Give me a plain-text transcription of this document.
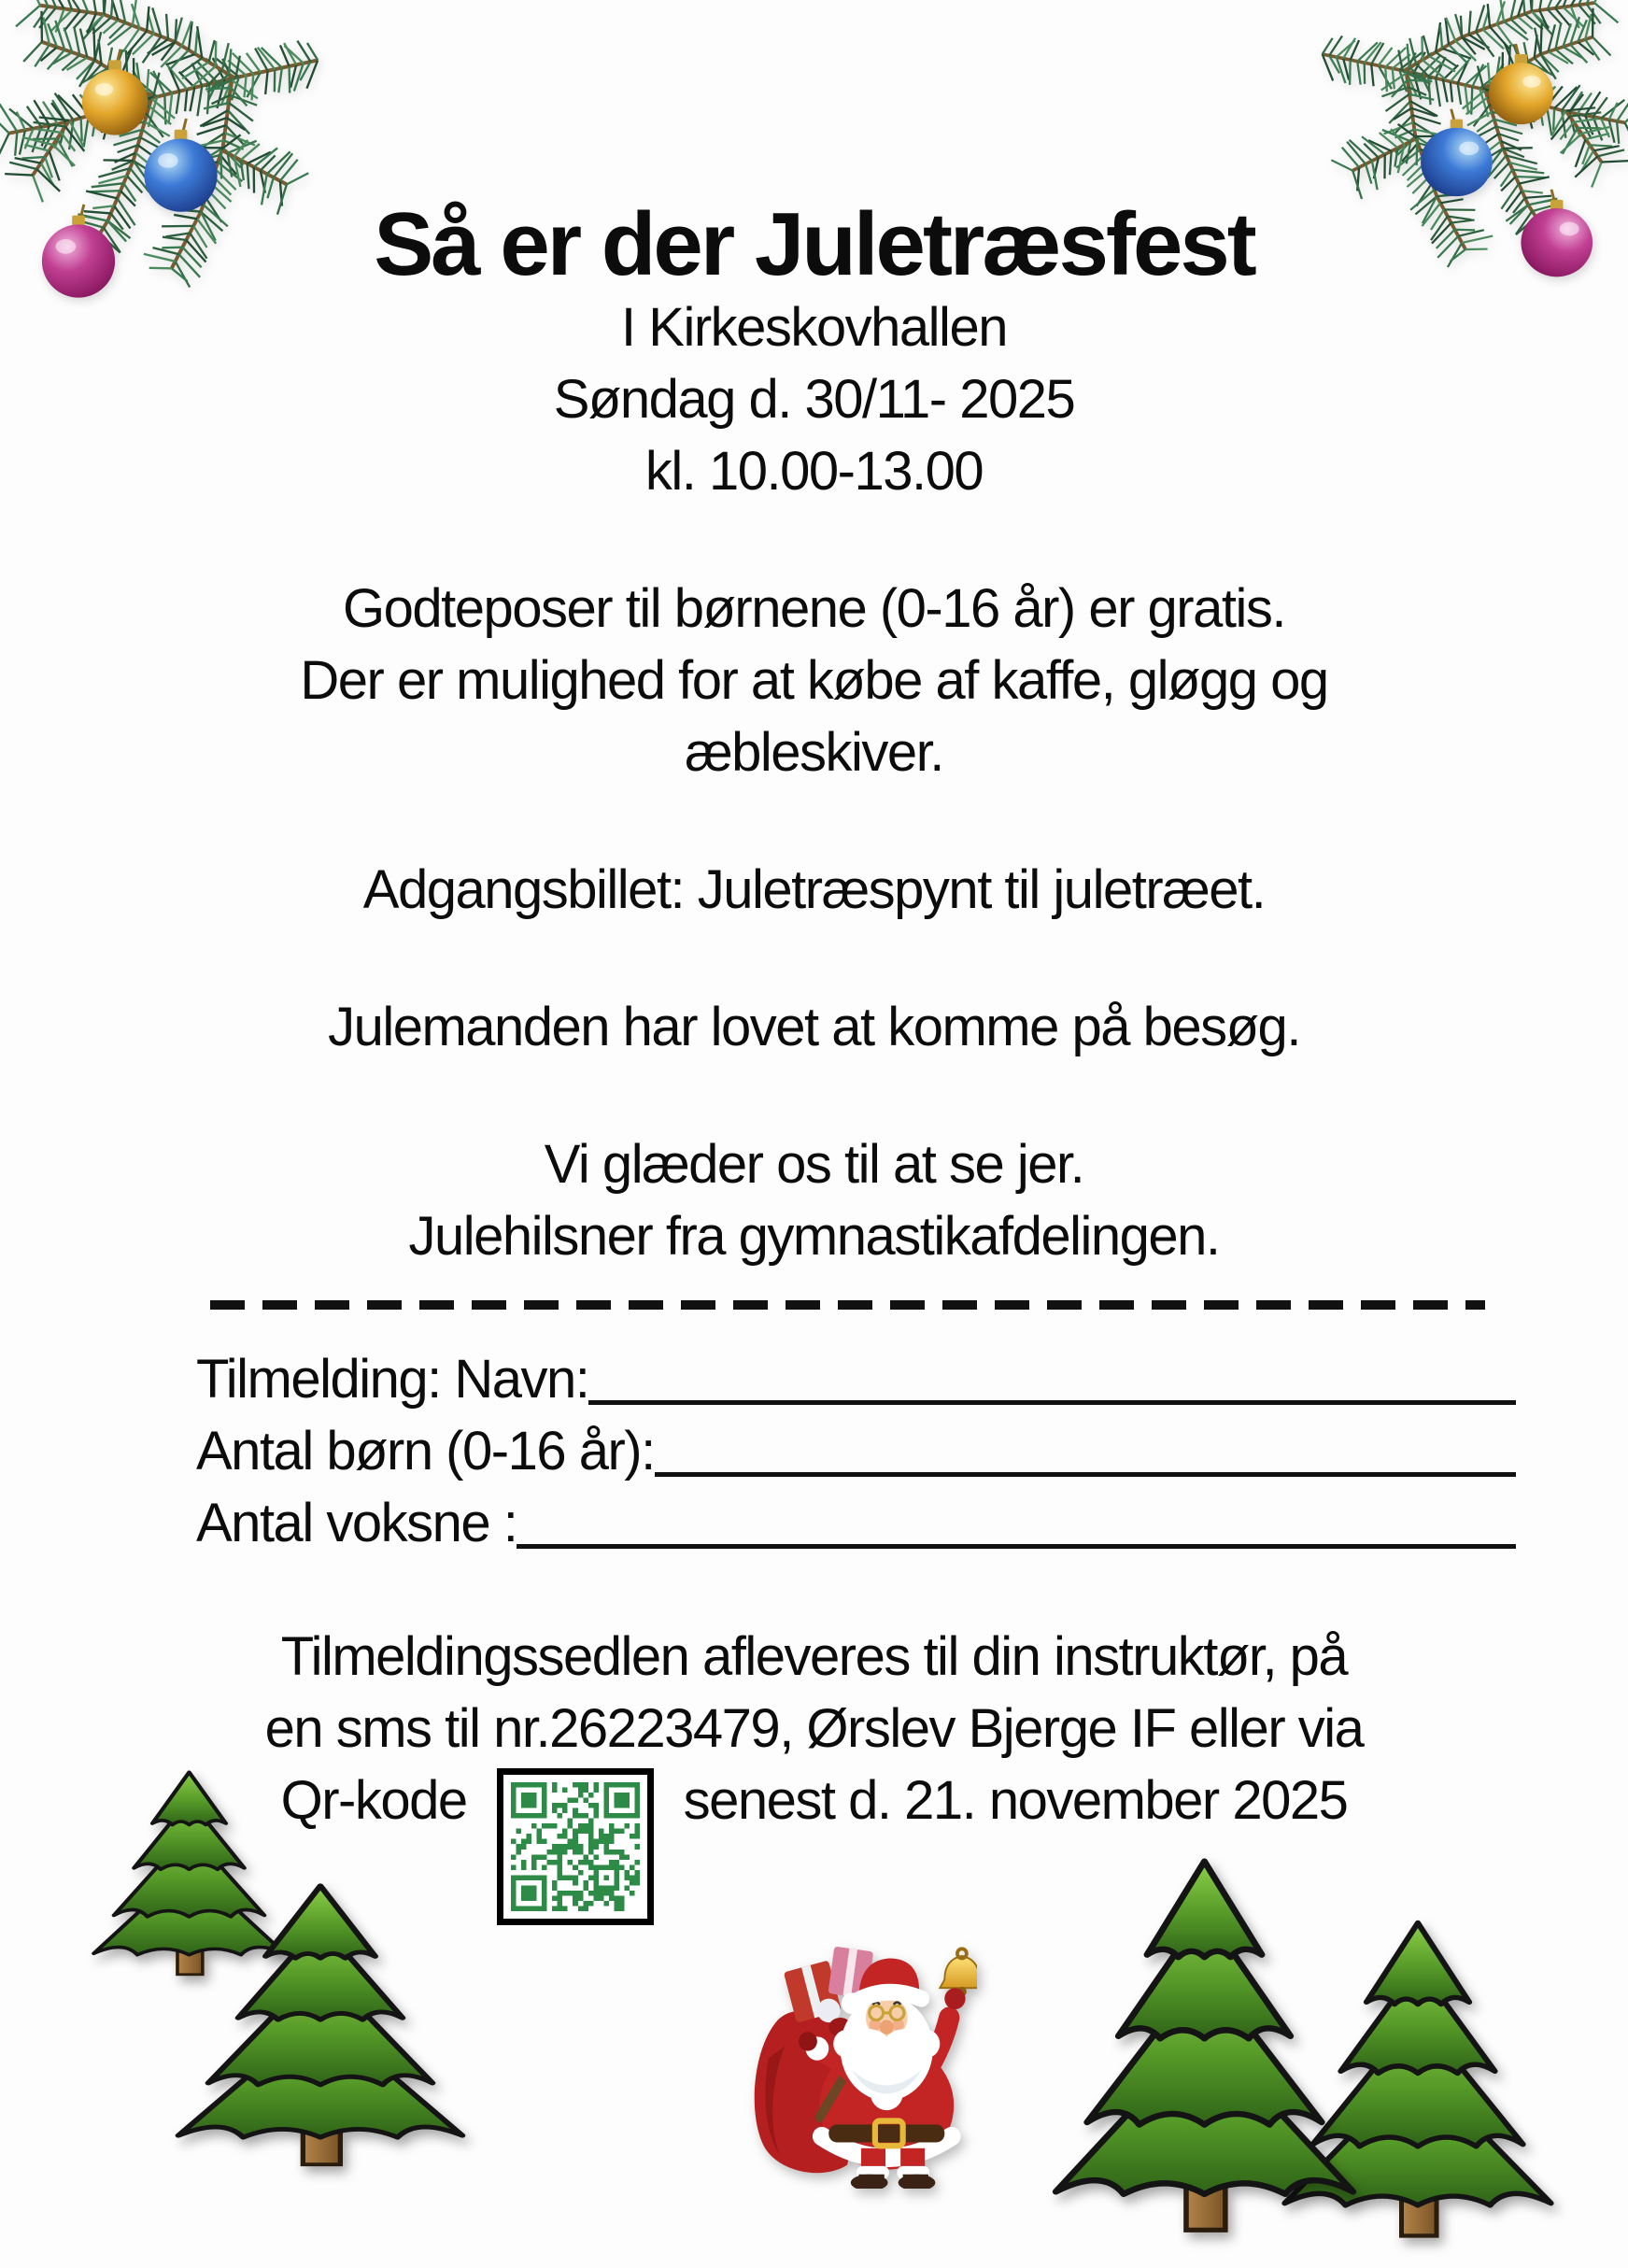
Så er der Juletræsfest
I Kirkeskovhallen
Søndag d. 30/11- 2025
kl. 10.00-13.00
Godteposer til børnene (0-16 år) er gratis.
Der er mulighed for at købe af kaffe, gløgg og
æbleskiver.
Adgangsbillet: Juletræspynt til juletræet.
Julemanden har lovet at komme på besøg.
Vi glæder os til at se jer.
Julehilsner fra gymnastikafdelingen.
Tilmelding: Navn:
Antal børn (0-16 år):
Antal voksne :
Tilmeldingssedlen afleveres til din instruktør, på
en sms til nr.26223479, Ørslev Bjerge IF eller via
Qr-kode	senest d. 21. november 2025
